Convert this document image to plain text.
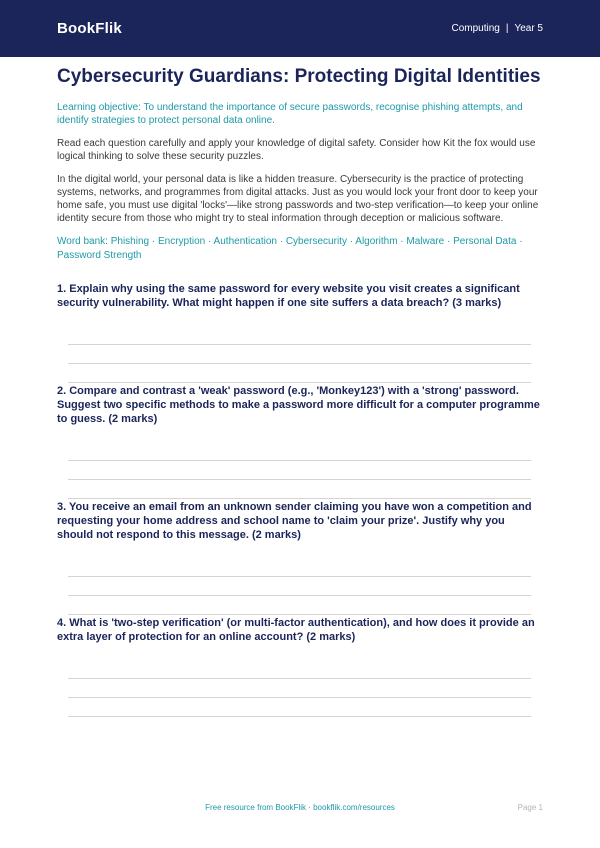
BookFlik	Computing | Year 5
Cybersecurity Guardians: Protecting Digital Identities

Learning objective: To understand the importance of secure passwords, recognise phishing attempts, and identify strategies to protect personal data online.

Read each question carefully and apply your knowledge of digital safety. Consider how Kit the fox would use logical thinking to solve these security puzzles.

In the digital world, your personal data is like a hidden treasure. Cybersecurity is the practice of protecting systems, networks, and programmes from digital attacks. Just as you would lock your front door to keep your home safe, you must use digital 'locks'—like strong passwords and two-step verification—to keep your online identity secure from those who might try to steal information through deception or malicious software.

Word bank: Phishing · Encryption · Authentication · Cybersecurity · Algorithm · Malware · Personal Data · Password Strength

1. Explain why using the same password for every website you visit creates a significant security vulnerability. What might happen if one site suffers a data breach? (3 marks)
2. Compare and contrast a 'weak' password (e.g., 'Monkey123') with a 'strong' password. Suggest two specific methods to make a password more difficult for a computer programme to guess. (2 marks)
3. You receive an email from an unknown sender claiming you have won a competition and requesting your home address and school name to 'claim your prize'. Justify why you should not respond to this message. (2 marks)
4. What is 'two-step verification' (or multi-factor authentication), and how does it provide an extra layer of protection for an online account? (2 marks)
Free resource from BookFlik · bookflik.com/resources	Page 1
